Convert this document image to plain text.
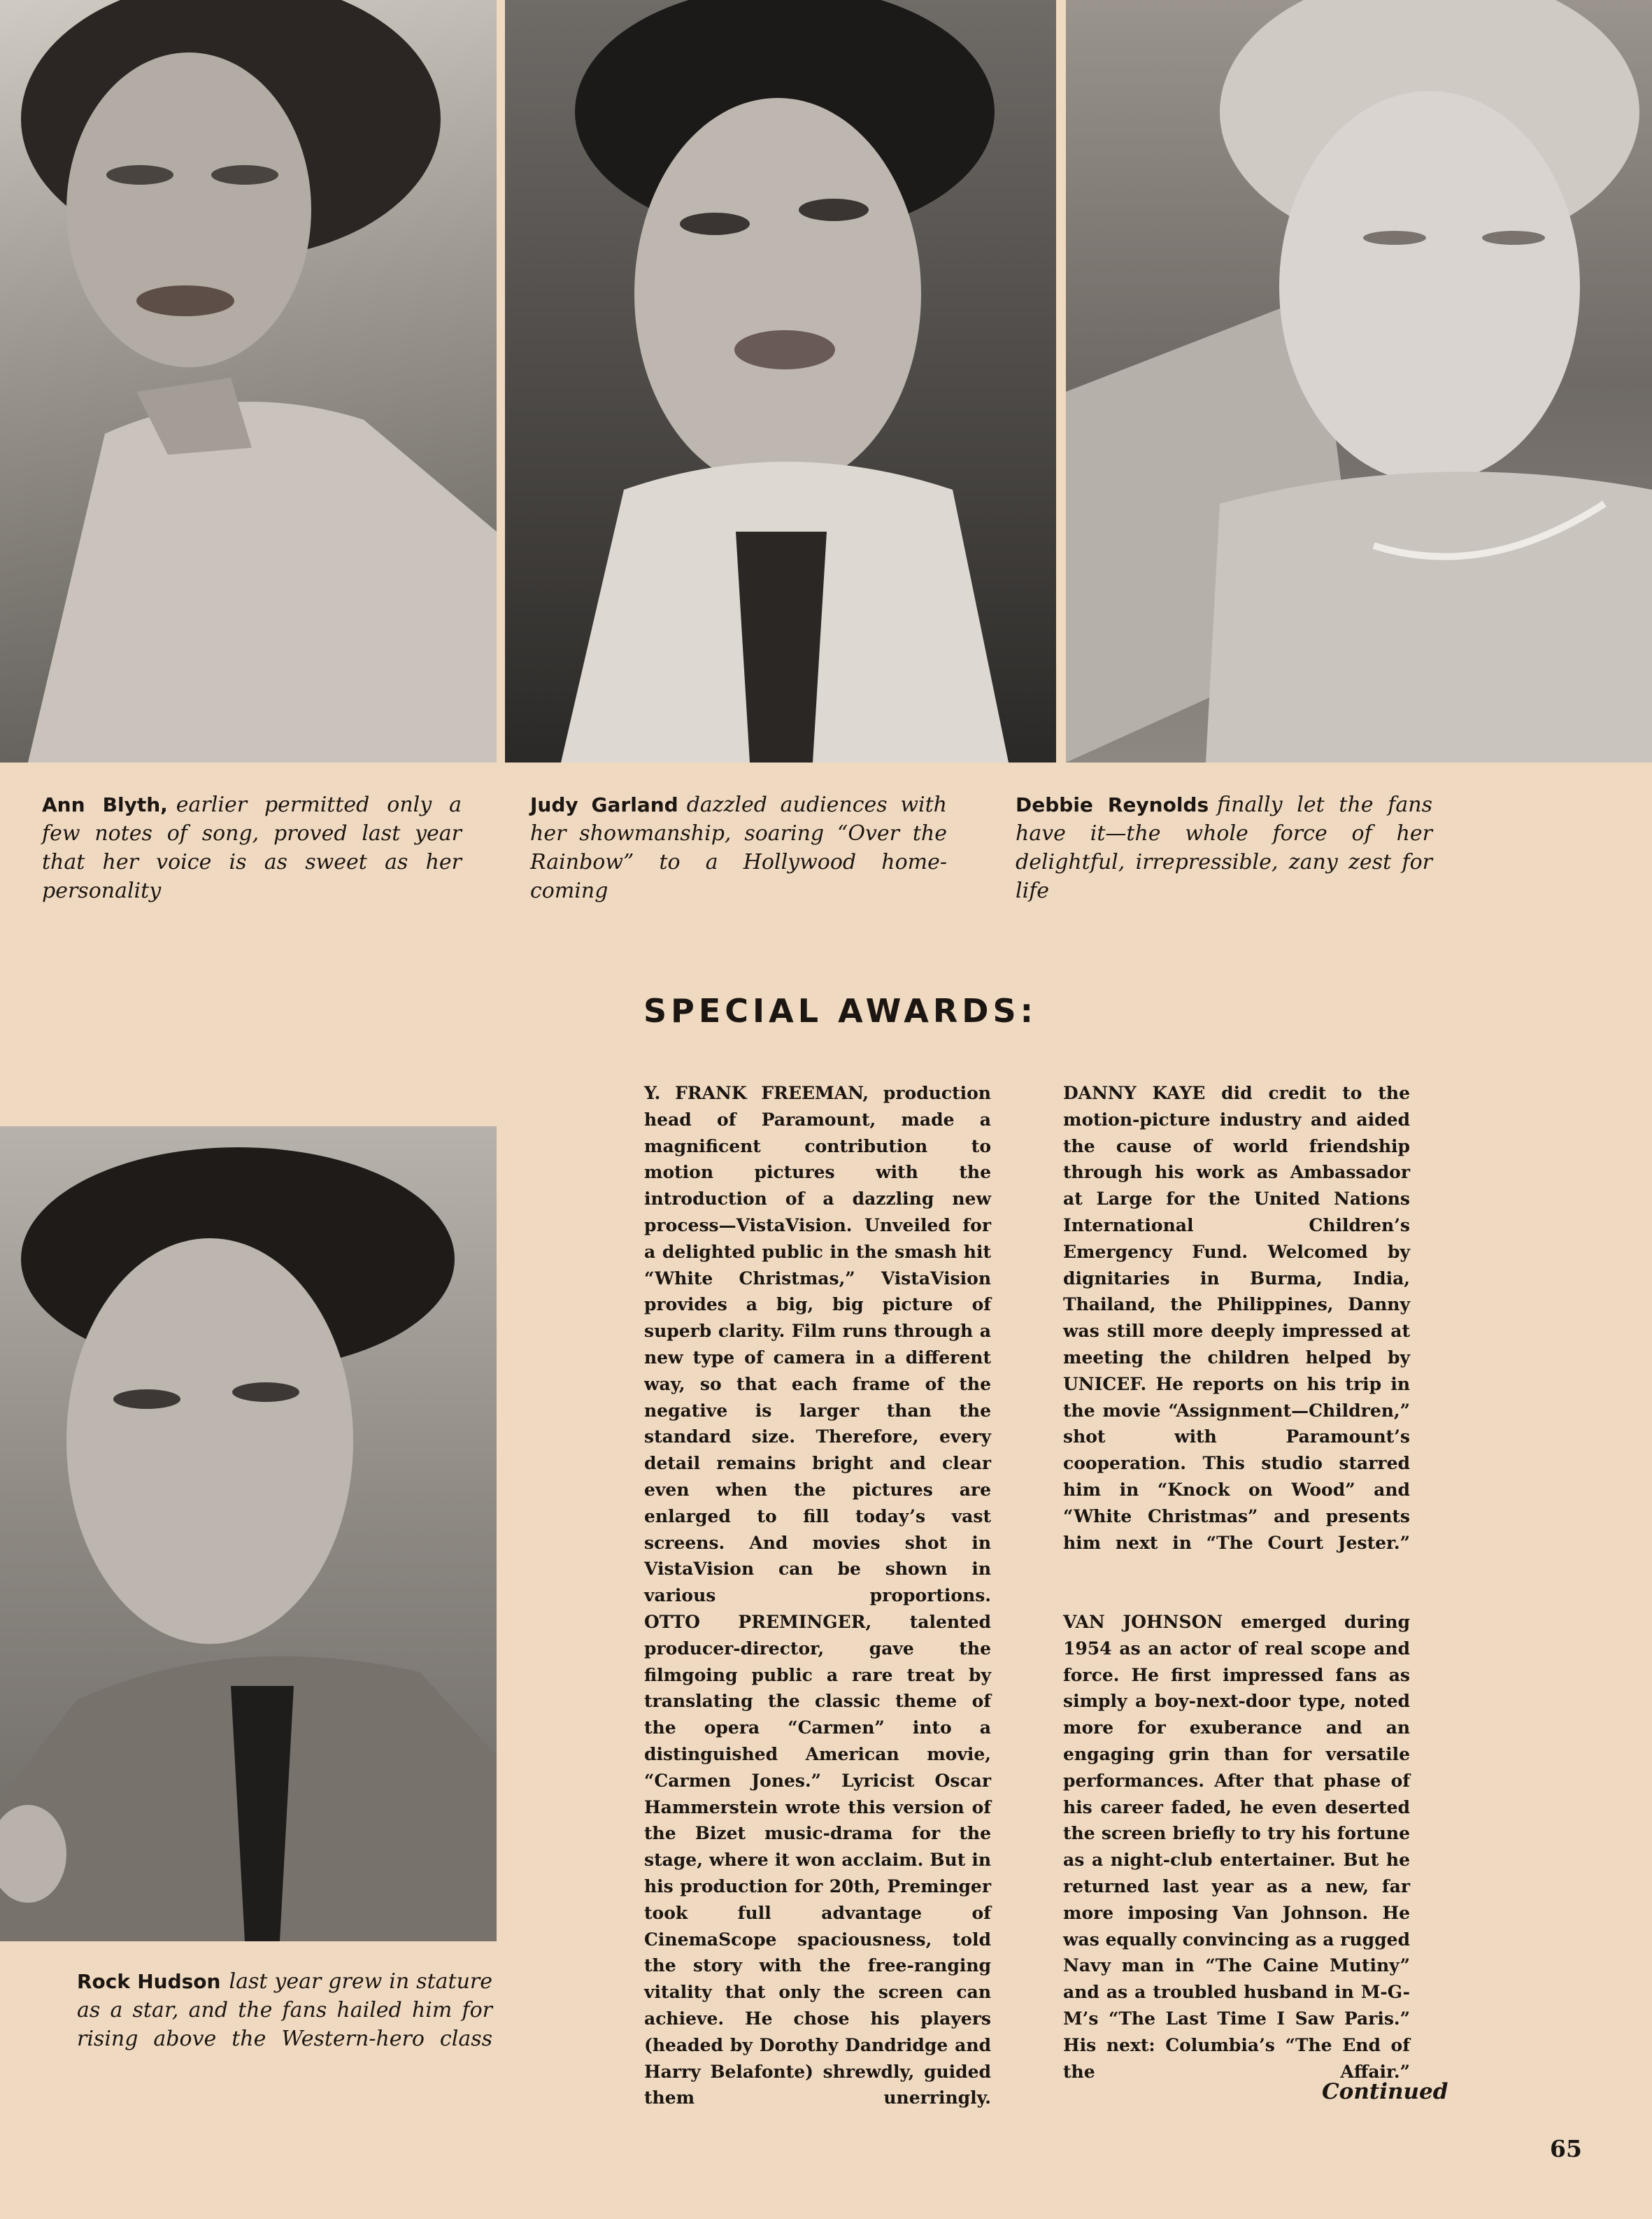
Ann Blyth, earlier permitted only a few notes of song, proved last year that her voice is as sweet as her personality
Judy Garland dazzled audiences with her showmanship, soaring “Over the Rainbow” to a Hollywood home-coming
Debbie Reynolds finally let the fans have it—the whole force of her delightful, irrepressible, zany zest for life
Rock Hudson last year grew in stature as a star, and the fans hailed him for rising above the Western-hero class
SPECIAL AWARDS:

Y. FRANK FREEMAN, production head of Paramount, made a magnificent contribution to motion pictures with the introduction of a dazzling new process—VistaVision. Unveiled for a delighted public in the smash hit “White Christmas,” VistaVision provides a big, big picture of superb clarity. Film runs through a new type of camera in a different way, so that each frame of the negative is larger than the standard size. Therefore, every detail remains bright and clear even when the pictures are enlarged to fill today’s vast screens. And movies shot in VistaVision can be shown in various proportions.

DANNY KAYE did credit to the motion-picture industry and aided the cause of world friendship through his work as Ambassador at Large for the United Nations International Children’s Emergency Fund. Welcomed by dignitaries in Burma, India, Thailand, the Philippines, Danny was still more deeply impressed at meeting the children helped by UNICEF. He reports on his trip in the movie “Assignment—Children,” shot with Paramount’s cooperation. This studio starred him in “Knock on Wood” and “White Christmas” and presents him next in “The Court Jester.”

OTTO PREMINGER, talented producer-director, gave the filmgoing public a rare treat by translating the classic theme of the opera “Carmen” into a distinguished American movie, “Carmen Jones.” Lyricist Oscar Hammerstein wrote this version of the Bizet music-drama for the stage, where it won acclaim. But in his production for 20th, Preminger took full advantage of CinemaScope spaciousness, told the story with the free-ranging vitality that only the screen can achieve. He chose his players (headed by Dorothy Dandridge and Harry Belafonte) shrewdly, guided them unerringly.

VAN JOHNSON emerged during 1954 as an actor of real scope and force. He first impressed fans as simply a boy-next-door type, noted more for exuberance and an engaging grin than for versatile performances. After that phase of his career faded, he even deserted the screen briefly to try his fortune as a night-club entertainer. But he returned last year as a new, far more imposing Van Johnson. He was equally convincing as a rugged Navy man in “The Caine Mutiny” and as a troubled husband in M-G-M’s “The Last Time I Saw Paris.” His next: Columbia’s “The End of the Affair.”

Continued
65
